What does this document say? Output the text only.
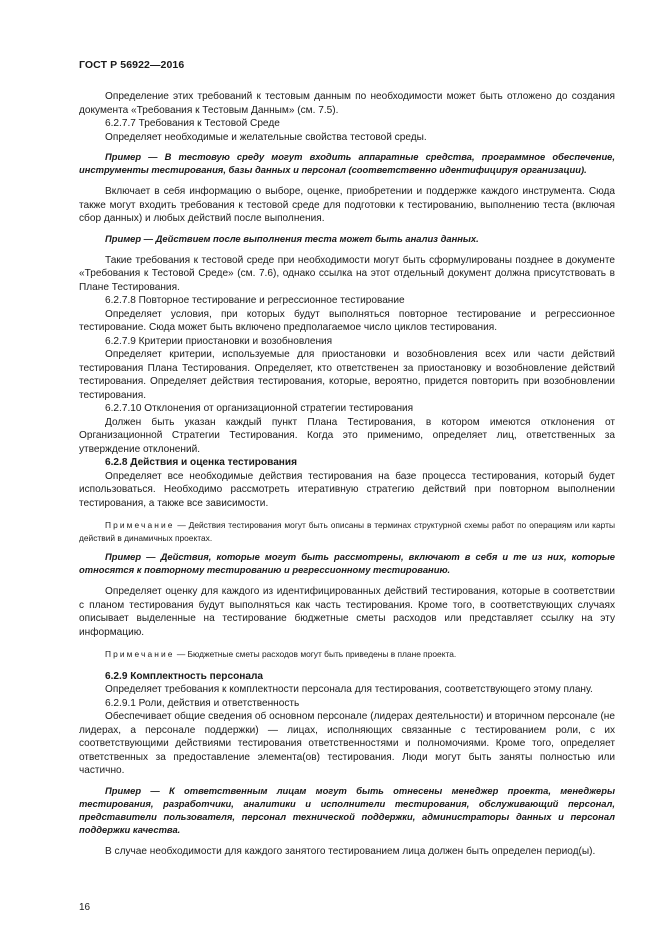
ГОСТ Р 56922—2016

Определение этих требований к тестовым данным по необходимости может быть отложено до создания документа «Требования к Тестовым Данным» (см. 7.5).

6.2.7.7 Требования к Тестовой Среде

Определяет необходимые и желательные свойства тестовой среды.

Пример — В тестовую среду могут входить аппаратные средства, программное обеспечение, инструменты тестирования, базы данных и персонал (соответственно идентифицируя организации).

Включает в себя информацию о выборе, оценке, приобретении и поддержке каждого инструмента. Сюда также могут входить требования к тестовой среде для подготовки к тестированию, выполнению теста (включая сбор данных) и любых действий после выполнения.

Пример — Действием после выполнения теста может быть анализ данных.

Такие требования к тестовой среде при необходимости могут быть сформулированы позднее в документе «Требования к Тестовой Среде» (см. 7.6), однако ссылка на этот отдельный документ должна присутствовать в Плане Тестирования.

6.2.7.8 Повторное тестирование и регрессионное тестирование

Определяет условия, при которых будут выполняться повторное тестирование и регрессионное тестирование. Сюда может быть включено предполагаемое число циклов тестирования.

6.2.7.9 Критерии приостановки и возобновления

Определяет критерии, используемые для приостановки и возобновления всех или части действий тестирования Плана Тестирования. Определяет, кто ответственен за приостановку и возобновление действий тестирования. Определяет действия тестирования, которые, вероятно, придется повторить при возобновлении тестирования.

6.2.7.10 Отклонения от организационной стратегии тестирования

Должен быть указан каждый пункт Плана Тестирования, в котором имеются отклонения от Организационной Стратегии Тестирования. Когда это применимо, определяет лиц, ответственных за утверждение отклонений.

6.2.8 Действия и оценка тестирования

Определяет все необходимые действия тестирования на базе процесса тестирования, который будет использоваться. Необходимо рассмотреть итеративную стратегию действий при повторном выполнении тестирования, а также все зависимости.

Примечание — Действия тестирования могут быть описаны в терминах структурной схемы работ по операциям или карты действий в динамичных проектах.

Пример — Действия, которые могут быть рассмотрены, включают в себя и те из них, которые относятся к повторному тестированию и регрессионному тестированию.

Определяет оценку для каждого из идентифицированных действий тестирования, которые в соответствии с планом тестирования будут выполняться как часть тестирования. Кроме того, в соответствующих случаях описывает выделенные на тестирование бюджетные сметы расходов или представляет ссылку на эту информацию.

Примечание — Бюджетные сметы расходов могут быть приведены в плане проекта.

6.2.9 Комплектность персонала

Определяет требования к комплектности персонала для тестирования, соответствующего этому плану.

6.2.9.1 Роли, действия и ответственность

Обеспечивает общие сведения об основном персонале (лидерах деятельности) и вторичном персонале (не лидерах, а персонале поддержки) — лицах, исполняющих связанные с тестированием роли, с их соответствующими действиями тестирования ответственностями и полномочиями. Кроме того, определяет ответственных за предоставление элемента(ов) тестирования. Люди могут быть заняты полностью или частично.

Пример — К ответственным лицам могут быть отнесены менеджер проекта, менеджеры тестирования, разработчики, аналитики и исполнители тестирования, обслуживающий персонал, представители пользователя, персонал технической поддержки, администраторы данных и персонал поддержки качества.

В случае необходимости для каждого занятого тестированием лица должен быть определен период(ы).

16
